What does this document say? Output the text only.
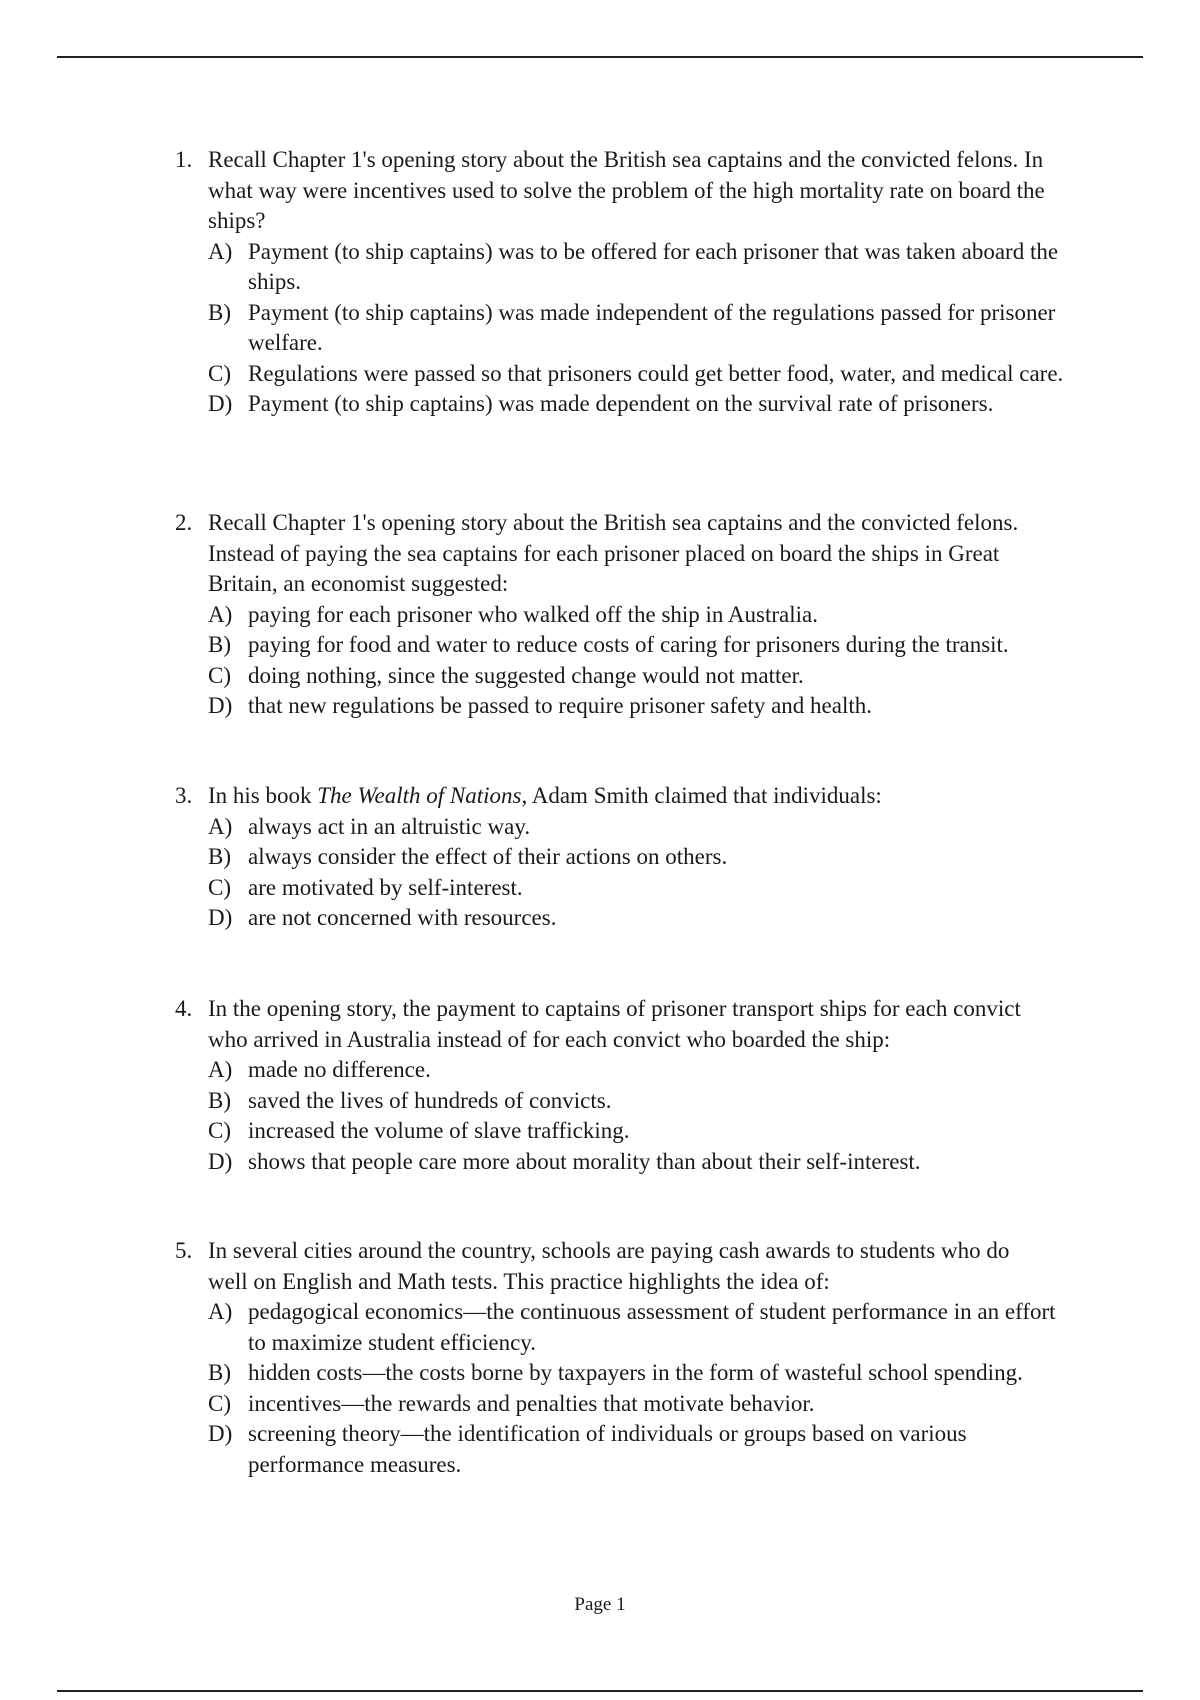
1. Recall Chapter 1's opening story about the British sea captains and the convicted felons. In what way were incentives used to solve the problem of the high mortality rate on board the ships?
A) Payment (to ship captains) was to be offered for each prisoner that was taken aboard the ships.
B) Payment (to ship captains) was made independent of the regulations passed for prisoner welfare.
C) Regulations were passed so that prisoners could get better food, water, and medical care.
D) Payment (to ship captains) was made dependent on the survival rate of prisoners.
2. Recall Chapter 1's opening story about the British sea captains and the convicted felons. Instead of paying the sea captains for each prisoner placed on board the ships in Great Britain, an economist suggested:
A) paying for each prisoner who walked off the ship in Australia.
B) paying for food and water to reduce costs of caring for prisoners during the transit.
C) doing nothing, since the suggested change would not matter.
D) that new regulations be passed to require prisoner safety and health.
3. In his book The Wealth of Nations, Adam Smith claimed that individuals:
A) always act in an altruistic way.
B) always consider the effect of their actions on others.
C) are motivated by self-interest.
D) are not concerned with resources.
4. In the opening story, the payment to captains of prisoner transport ships for each convict who arrived in Australia instead of for each convict who boarded the ship:
A) made no difference.
B) saved the lives of hundreds of convicts.
C) increased the volume of slave trafficking.
D) shows that people care more about morality than about their self-interest.
5. In several cities around the country, schools are paying cash awards to students who do well on English and Math tests. This practice highlights the idea of:
A) pedagogical economics—the continuous assessment of student performance in an effort to maximize student efficiency.
B) hidden costs—the costs borne by taxpayers in the form of wasteful school spending.
C) incentives—the rewards and penalties that motivate behavior.
D) screening theory—the identification of individuals or groups based on various performance measures.
Page 1
